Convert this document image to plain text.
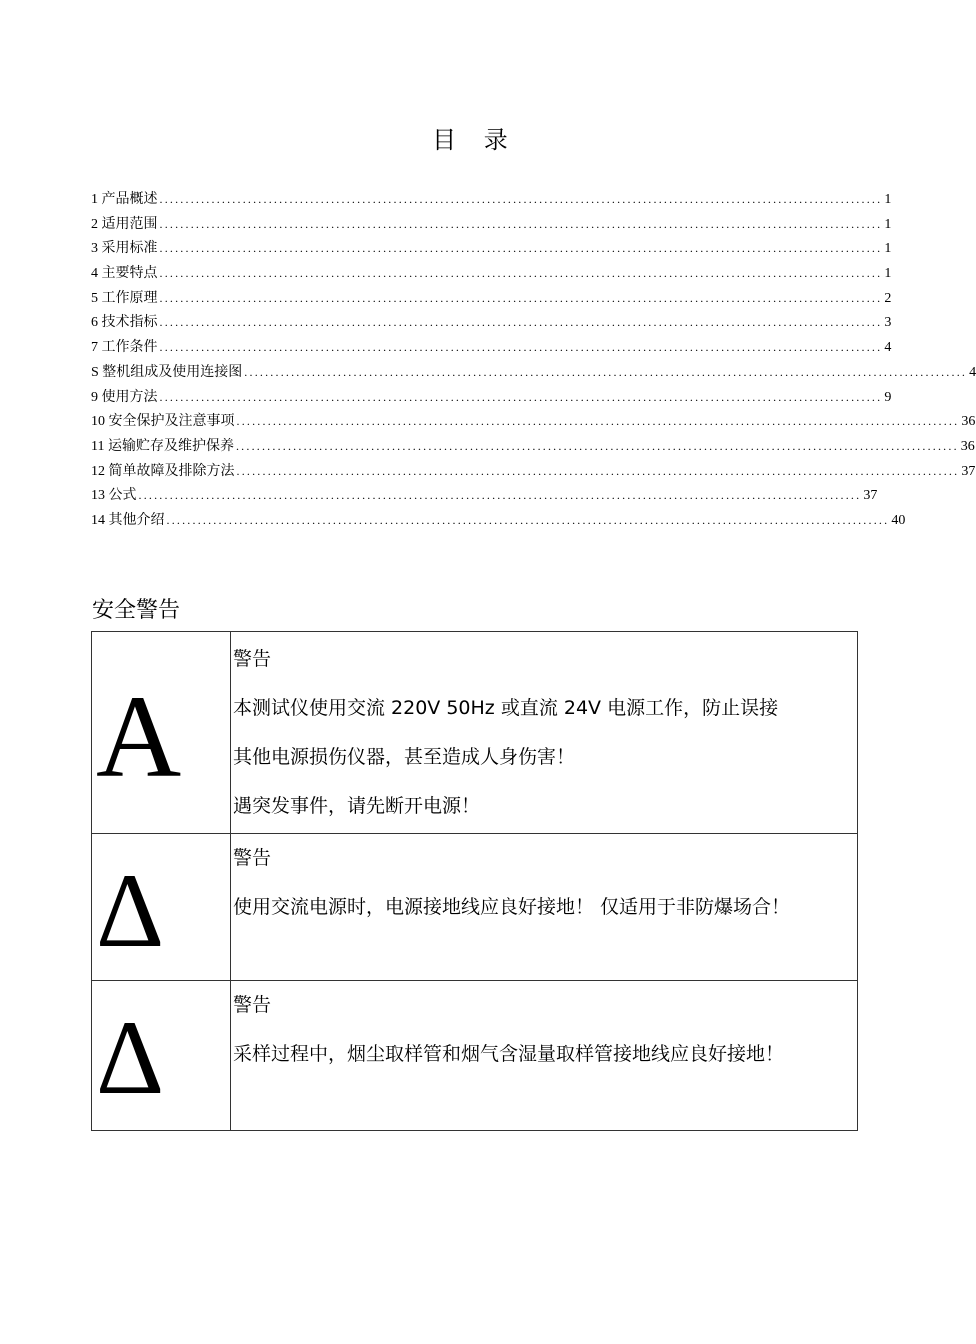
目 录
1 产品概述 ........................................................................................................................................... 1
2 适用范围 ........................................................................................................................................... 1
3 采用标准 ........................................................................................................................................... 1
4 主要特点 ........................................................................................................................................... 1
5 工作原理 ........................................................................................................................................... 2
6 技术指标 ........................................................................................................................................... 3
7 工作条件 ........................................................................................................................................... 4
S 整机组成及使用连接图 ........................................................................................................................................... 4
9 使用方法 ........................................................................................................................................... 9
10 安全保护及注意事项 ........................................................................................................................................... 36
11 运输贮存及维护保养 ........................................................................................................................................... 36
12 简单故障及排除方法 ........................................................................................................................................... 37
13 公式 ........................................................................................................................................... 37
14 其他介绍 ........................................................................................................................................... 40
安全警告
A	警告
本测试仪使用交流 220V 50Hz 或直流 24V 电源工作，防止误接
其他电源损伤仪器，甚至造成人身伤害！
遇突发事件，请先断开电源！

Δ	警告
使用交流电源时，电源接地线应良好接地！ 仅适用于非防爆场合！

Δ	警告
采样过程中，烟尘取样管和烟气含湿量取样管接地线应良好接地！
